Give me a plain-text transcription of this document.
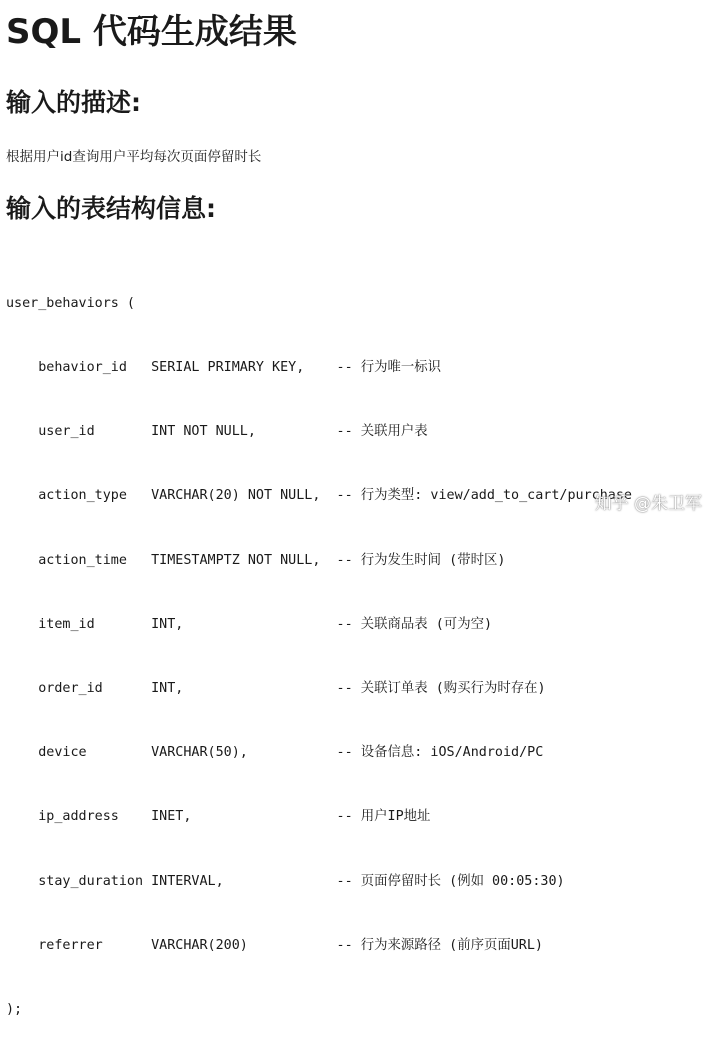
SQL 代码生成结果
输入的描述:

根据用户id查询用户平均每次页面停留时长

输入的表结构信息:

user_behaviors (

behavior_id   SERIAL PRIMARY KEY,    -- 行为唯一标识

user_id       INT NOT NULL,          -- 关联用户表

action_type   VARCHAR(20) NOT NULL,  -- 行为类型: view/add_to_cart/purchase

action_time   TIMESTAMPTZ NOT NULL,  -- 行为发生时间 (带时区)

item_id       INT,                   -- 关联商品表 (可为空)

order_id      INT,                   -- 关联订单表 (购买行为时存在)

device        VARCHAR(50),           -- 设备信息: iOS/Android/PC

ip_address    INET,                  -- 用户IP地址

stay_duration INTERVAL,              -- 页面停留时长 (例如 00:05:30)

referrer      VARCHAR(200)           -- 行为来源路径 (前序页面URL)

);

知乎 @朱卫军
